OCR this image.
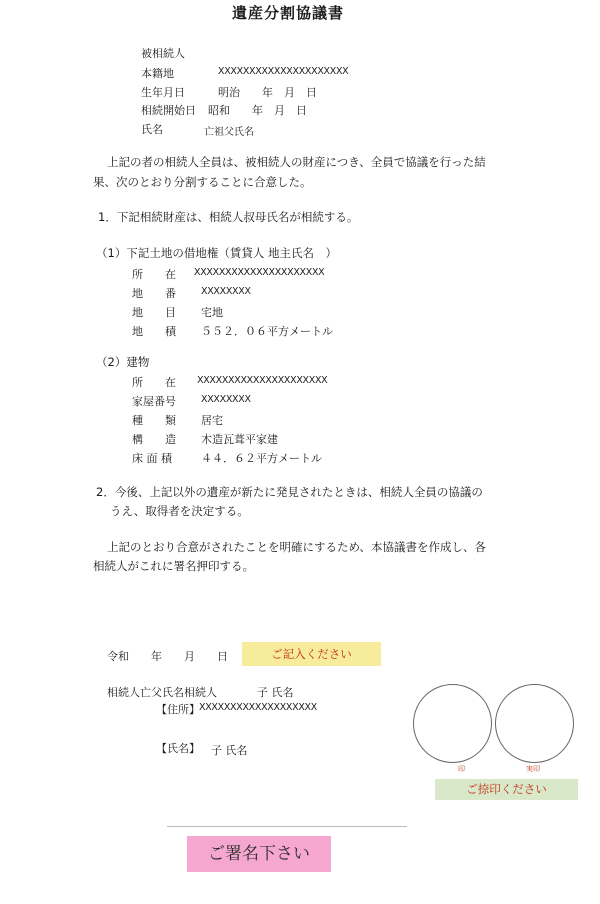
遺産分割協議書
被相続人
本籍地	XXXXXXXXXXXXXXXXXXXXX
生年月日	明治　　年　月　日
相続開始日 昭和　　年　月　日
氏名	亡祖父氏名
上記の者の相続人全員は、被相続人の財産につき、全員で協議を行った結
果、次のとおり分割することに合意した。
1．下記相続財産は、相続人叔母氏名が相続する。
（1）下記土地の借地権（賃貸人 地主氏名　）
所　　在 XXXXXXXXXXXXXXXXXXXXX
地　　番	XXXXXXXX
地　　目 宅地
地　　積 ５５２．０６平方メートル
（2）建物
所　　在 XXXXXXXXXXXXXXXXXXXXX
家屋番号	XXXXXXXX
種　　類 居宅
構　　造 木造瓦葺平家建
床 面 積	４４．６２平方メートル
2．今後、上記以外の遺産が新たに発見されたときは、相続人全員の協議の
うえ、取得者を決定する。
上記のとおり合意がされたことを明確にするため、本協議書を作成し、各
相続人がこれに署名押印する。
令和　　年　　月　　日	ご記入ください
相続人亡父氏名相続人	子 氏名
【住所】 XXXXXXXXXXXXXXXXXXX
【氏名】 子 氏名
印	実印
ご捺印ください
ご署名下さい
